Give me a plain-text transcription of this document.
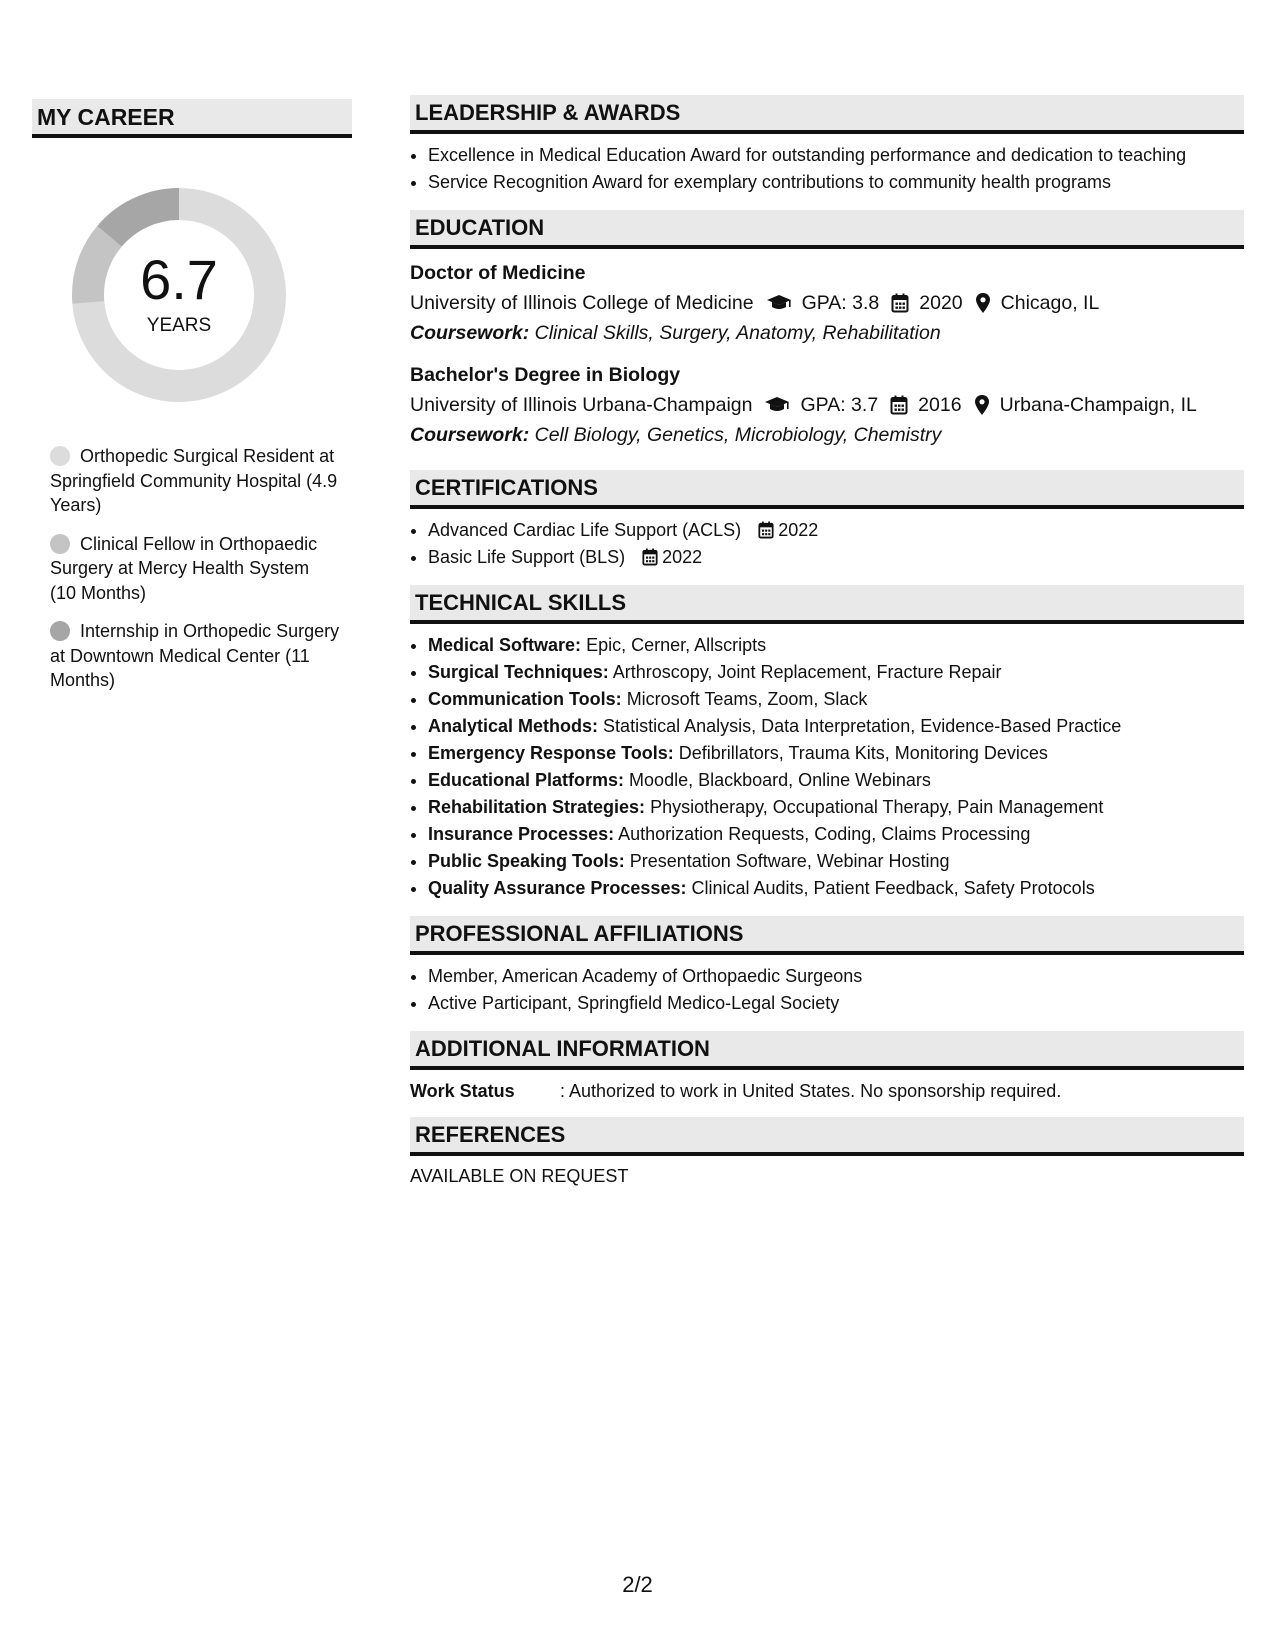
MY CAREER
6.7
YEARS
Orthopedic Surgical Resident at Springfield Community Hospital (4.9 Years)
Clinical Fellow in Orthopaedic Surgery at Mercy Health System (10 Months)
Internship in Orthopedic Surgery at Downtown Medical Center (11 Months)
LEADERSHIP & AWARDS
• Excellence in Medical Education Award for outstanding performance and dedication to teaching
• Service Recognition Award for exemplary contributions to community health programs
EDUCATION
Doctor of Medicine
University of Illinois College of Medicine GPA: 3.8 2020 Chicago, IL
Coursework: Clinical Skills, Surgery, Anatomy, Rehabilitation
Bachelor's Degree in Biology
University of Illinois Urbana-Champaign GPA: 3.7 2016 Urbana-Champaign, IL
Coursework: Cell Biology, Genetics, Microbiology, Chemistry
CERTIFICATIONS
• Advanced Cardiac Life Support (ACLS) 2022
• Basic Life Support (BLS) 2022
TECHNICAL SKILLS
• Medical Software: Epic, Cerner, Allscripts
• Surgical Techniques: Arthroscopy, Joint Replacement, Fracture Repair
• Communication Tools: Microsoft Teams, Zoom, Slack
• Analytical Methods: Statistical Analysis, Data Interpretation, Evidence-Based Practice
• Emergency Response Tools: Defibrillators, Trauma Kits, Monitoring Devices
• Educational Platforms: Moodle, Blackboard, Online Webinars
• Rehabilitation Strategies: Physiotherapy, Occupational Therapy, Pain Management
• Insurance Processes: Authorization Requests, Coding, Claims Processing
• Public Speaking Tools: Presentation Software, Webinar Hosting
• Quality Assurance Processes: Clinical Audits, Patient Feedback, Safety Protocols
PROFESSIONAL AFFILIATIONS
• Member, American Academy of Orthopaedic Surgeons
• Active Participant, Springfield Medico-Legal Society
ADDITIONAL INFORMATION
Work Status	: Authorized to work in United States. No sponsorship required.
REFERENCES
AVAILABLE ON REQUEST
2/2
